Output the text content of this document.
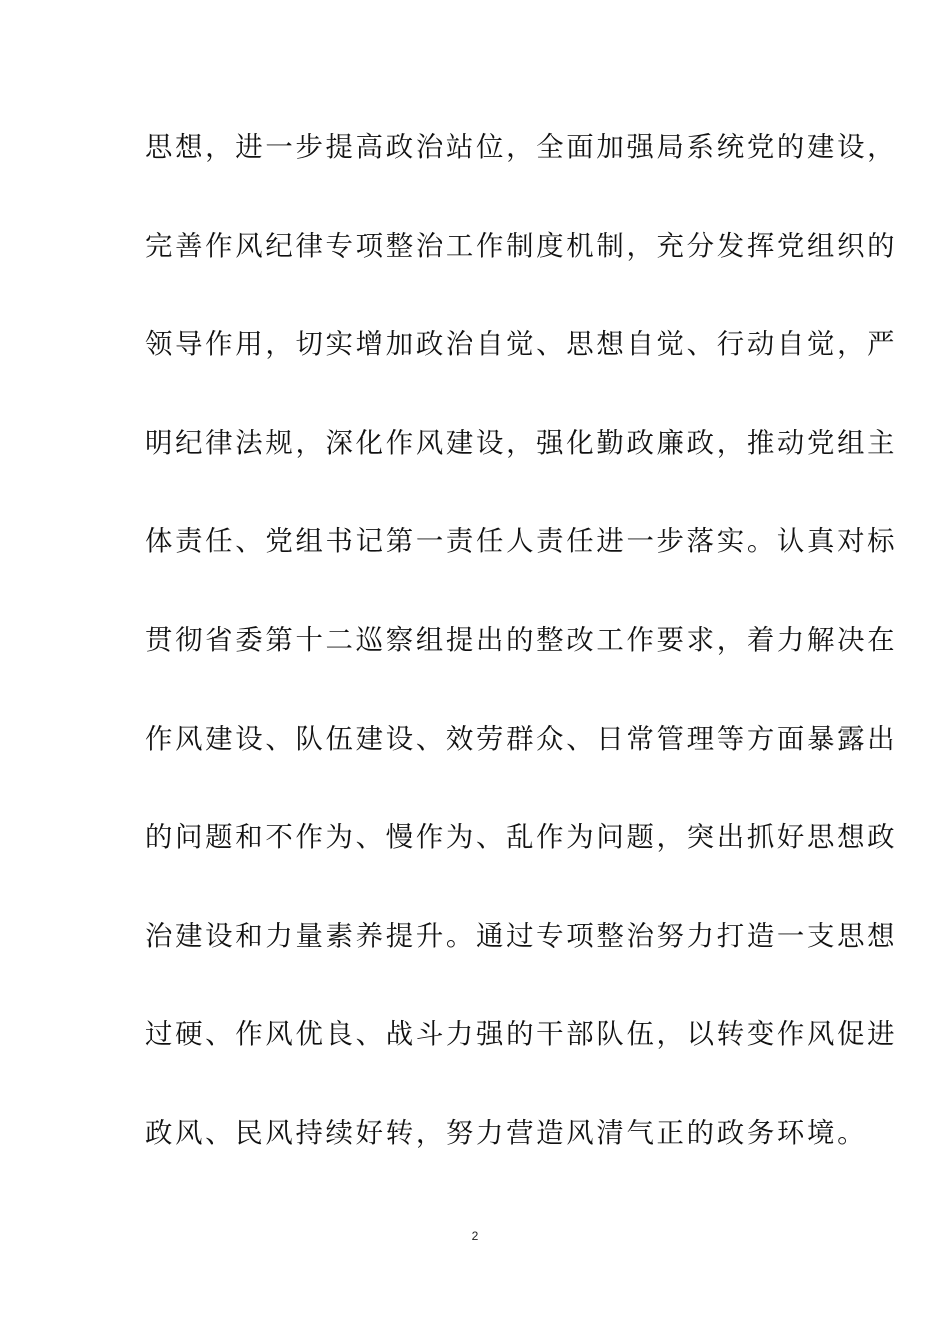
思想，进一步提高政治站位，全面加强局系统党的建设，

完善作风纪律专项整治工作制度机制，充分发挥党组织的

领导作用，切实增加政治自觉、思想自觉、行动自觉，严

明纪律法规，深化作风建设，强化勤政廉政，推动党组主

体责任、党组书记第一责任人责任进一步落实。认真对标

贯彻省委第十二巡察组提出的整改工作要求，着力解决在

作风建设、队伍建设、效劳群众、日常管理等方面暴露出

的问题和不作为、慢作为、乱作为问题，突出抓好思想政

治建设和力量素养提升。通过专项整治努力打造一支思想

过硬、作风优良、战斗力强的干部队伍，以转变作风促进

政风、民风持续好转，努力营造风清气正的政务环境。

2
